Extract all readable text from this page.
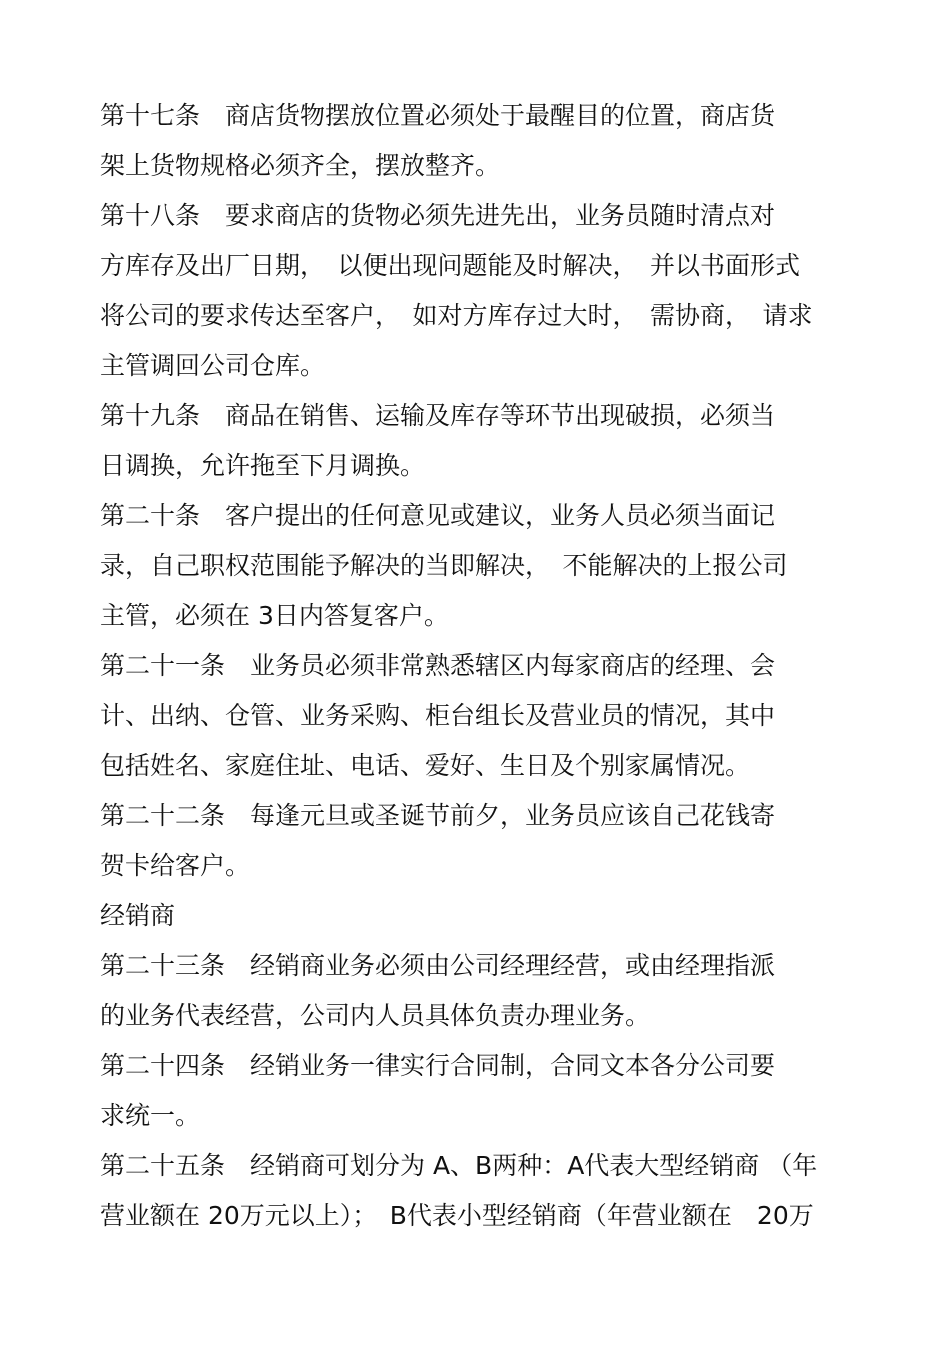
第十七条　商店货物摆放位置必须处于最醒目的位置，商店货

架上货物规格必须齐全，摆放整齐。

第十八条　要求商店的货物必须先进先出，业务员随时清点对

方库存及出厂日期，　以便出现问题能及时解决，　并以书面形式

将公司的要求传达至客户，　如对方库存过大时，　需协商，　请求

主管调回公司仓库。

第十九条　商品在销售、运输及库存等环节出现破损，必须当

日调换，允许拖至下月调换。

第二十条　客户提出的任何意见或建议，业务人员必须当面记

录，自己职权范围能予解决的当即解决，　不能解决的上报公司

主管，必须在 3日内答复客户。

第二十一条　业务员必须非常熟悉辖区内每家商店的经理、会

计、出纳、仓管、业务采购、柜台组长及营业员的情况，其中

包括姓名、家庭住址、电话、爱好、生日及个别家属情况。

第二十二条　每逢元旦或圣诞节前夕，业务员应该自己花钱寄

贺卡给客户。

经销商

第二十三条　经销商业务必须由公司经理经营，或由经理指派

的业务代表经营，公司内人员具体负责办理业务。

第二十四条　经销业务一律实行合同制，合同文本各分公司要

求统一。

第二十五条　经销商可划分为 A、B两种：A代表大型经销商 （年

营业额在 20万元以上）；　B代表小型经销商（年营业额在　20万
